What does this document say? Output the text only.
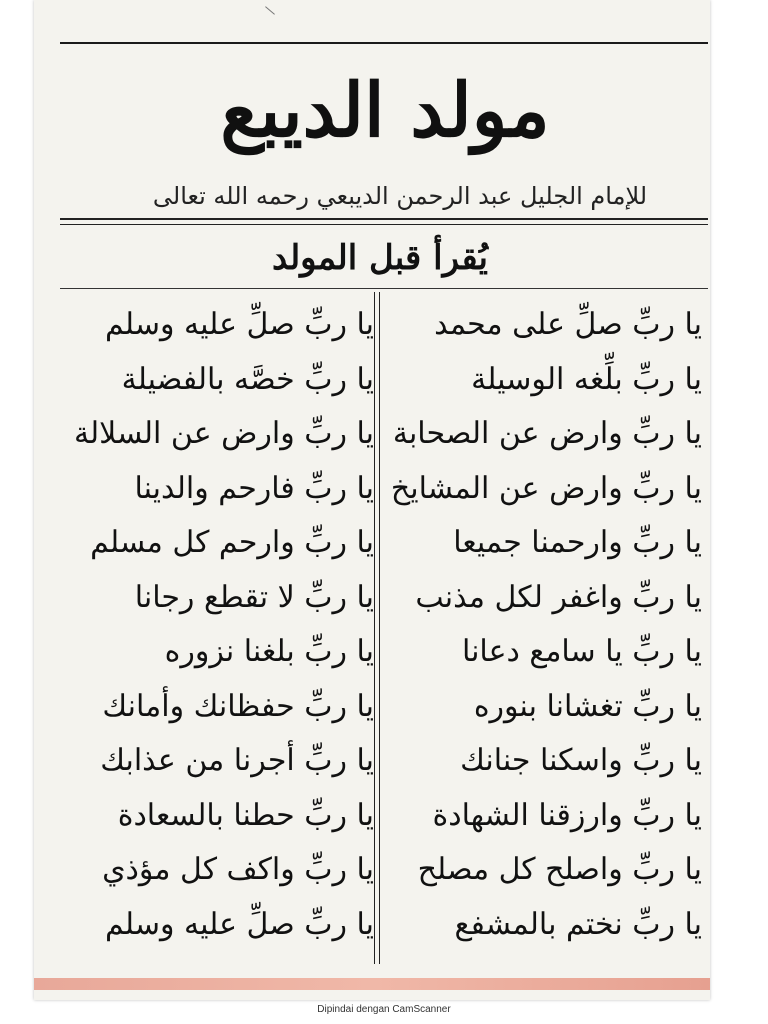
مولد الديبع
للإمام الجليل عبد الرحمن الديبعي رحمه الله تعالى
يُقرأ قبل المولد
يا ربِّ صلِّ على محمد
يا ربِّ بلِّغه الوسيلة
يا ربِّ وارض عن الصحابة
يا ربِّ وارض عن المشايخ
يا ربِّ وارحمنا جميعا
يا ربِّ واغفر لكل مذنب
يا ربِّ يا سامع دعانا
يا ربِّ تغشانا بنوره
يا ربِّ واسكنا جنانك
يا ربِّ وارزقنا الشهادة
يا ربِّ واصلح كل مصلح
يا ربِّ نختم بالمشفع
يا ربِّ صلِّ عليه وسلم
يا ربِّ خصَّه بالفضيلة
يا ربِّ وارض عن السلالة
يا ربِّ فارحم والدينا
يا ربِّ وارحم كل مسلم
يا ربِّ لا تقطع رجانا
يا ربِّ بلغنا نزوره
يا ربِّ حفظانك وأمانك
يا ربِّ أجرنا من عذابك
يا ربِّ حطنا بالسعادة
يا ربِّ واكف كل مؤذي
يا ربِّ صلِّ عليه وسلم
Dipindai dengan CamScanner
